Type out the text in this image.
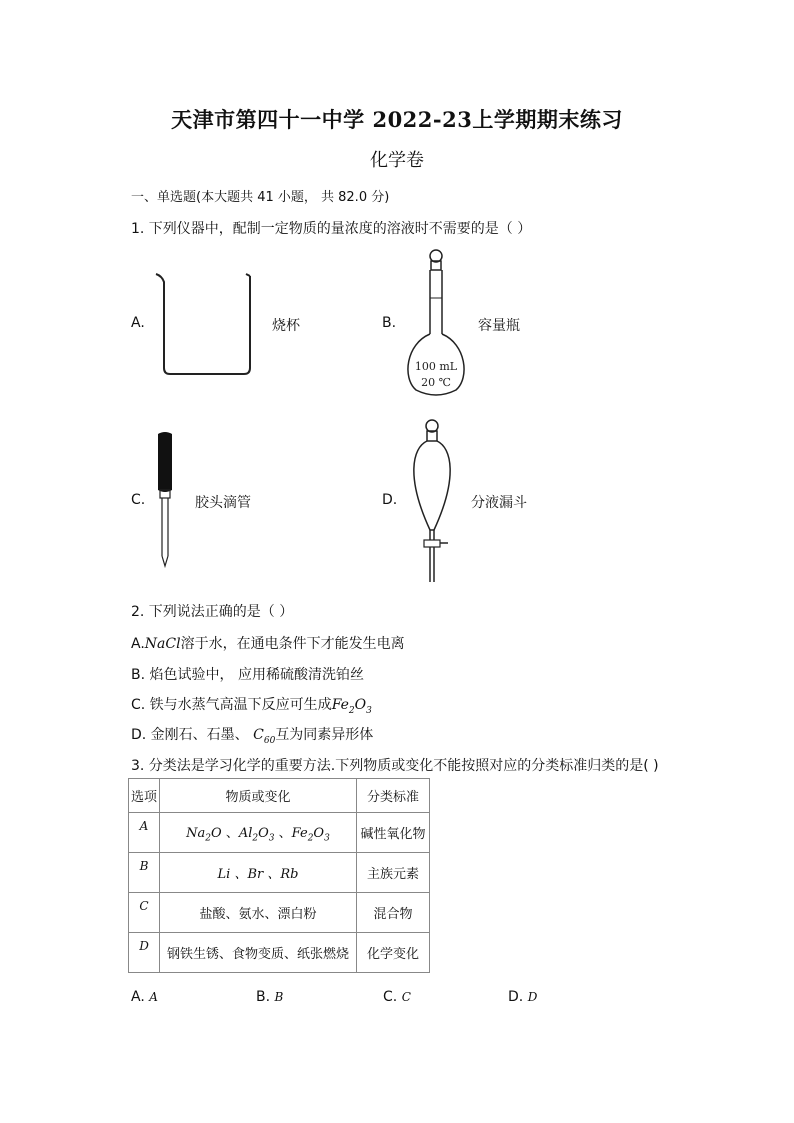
天津市第四十一中学 2022-23上学期期末练习
化学卷
一、单选题(本大题共 41 小题， 共 82.0 分)
1. 下列仪器中，配制一定物质的量浓度的溶液时不需要的是（ ）
A.	烧杯	B.
100 mL
20 ℃
容量瓶
C.	胶头滴管	D.	分液漏斗
2. 下列说法正确的是（ ）
A.NaCl溶于水，在通电条件下才能发生电离
B. 焰色试验中， 应用稀硫酸清洗铂丝
C. 铁与水蒸气高温下反应可生成$Fe_2O_3$
D. 金刚石、石墨、 $C_{60}$互为同素异形体
3. 分类法是学习化学的重要方法.下列物质或变化不能按照对应的分类标准归类的是( )
选项	物质或变化	分类标准
A	$Na_2O$ 、$Al_2O_3$ 、$Fe_2O_3$	碱性氧化物
B	Li 、Br 、Rb	主族元素
C	盐酸、氨水、漂白粉	混合物
D	钢铁生锈、食物变质、纸张燃烧	化学变化
A. A	B. B	C. C	D. D
